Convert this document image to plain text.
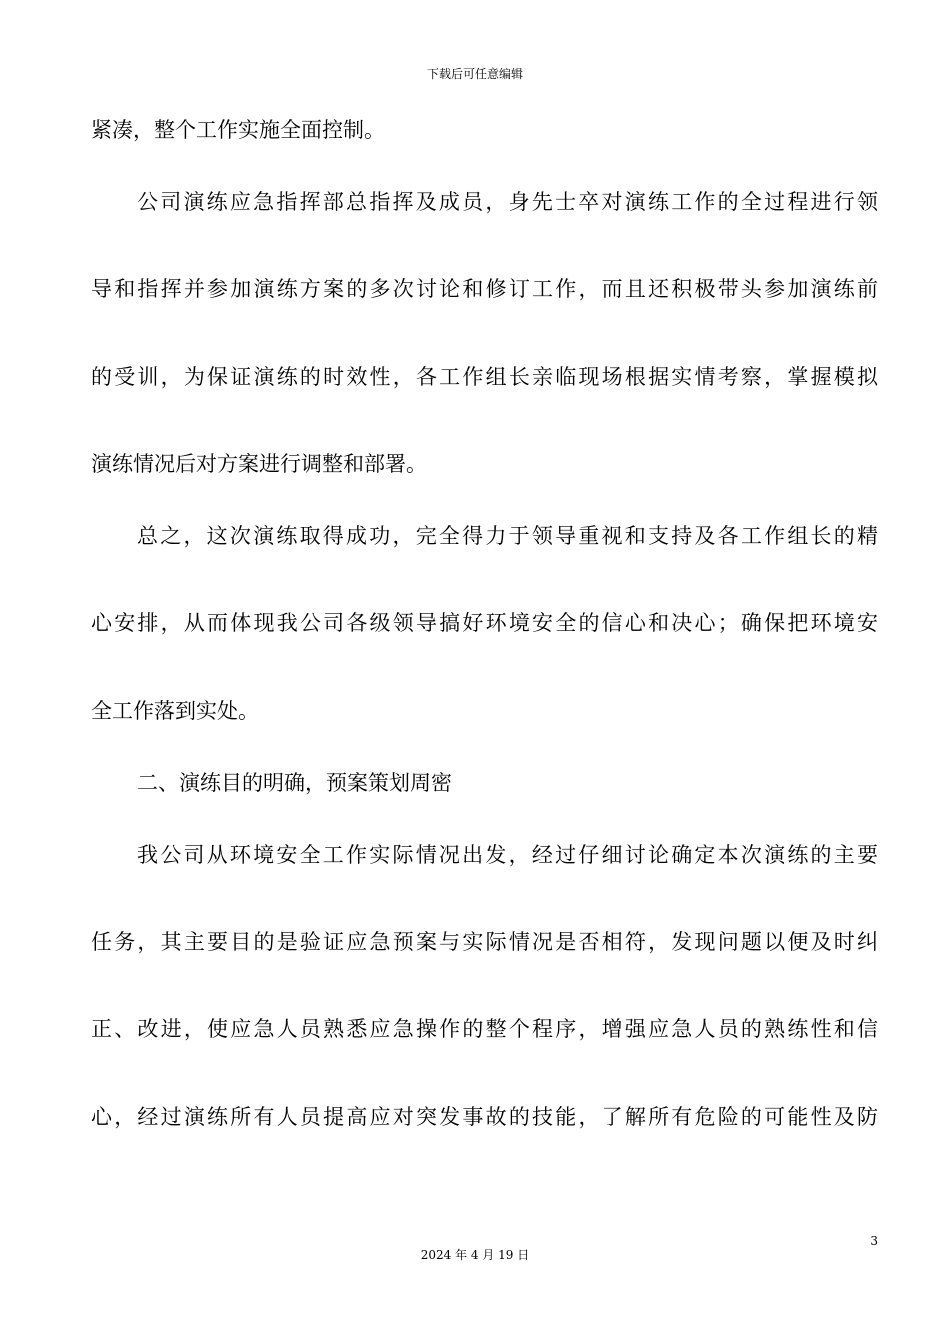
下载后可任意编辑
紧凑，整个工作实施全面控制。
公司演练应急指挥部总指挥及成员，身先士卒对演练工作的全过程进行领
导和指挥并参加演练方案的多次讨论和修订工作，而且还积极带头参加演练前
的受训，为保证演练的时效性，各工作组长亲临现场根据实情考察，掌握模拟
演练情况后对方案进行调整和部署。
总之，这次演练取得成功，完全得力于领导重视和支持及各工作组长的精
心安排，从而体现我公司各级领导搞好环境安全的信心和决心；确保把环境安
全工作落到实处。
二、演练目的明确，预案策划周密
我公司从环境安全工作实际情况出发，经过仔细讨论确定本次演练的主要
任务，其主要目的是验证应急预案与实际情况是否相符，发现问题以便及时纠
正、改进，使应急人员熟悉应急操作的整个程序，增强应急人员的熟练性和信
心，经过演练所有人员提高应对突发事故的技能，了解所有危险的可能性及防
3
2024 年 4 月 19 日
